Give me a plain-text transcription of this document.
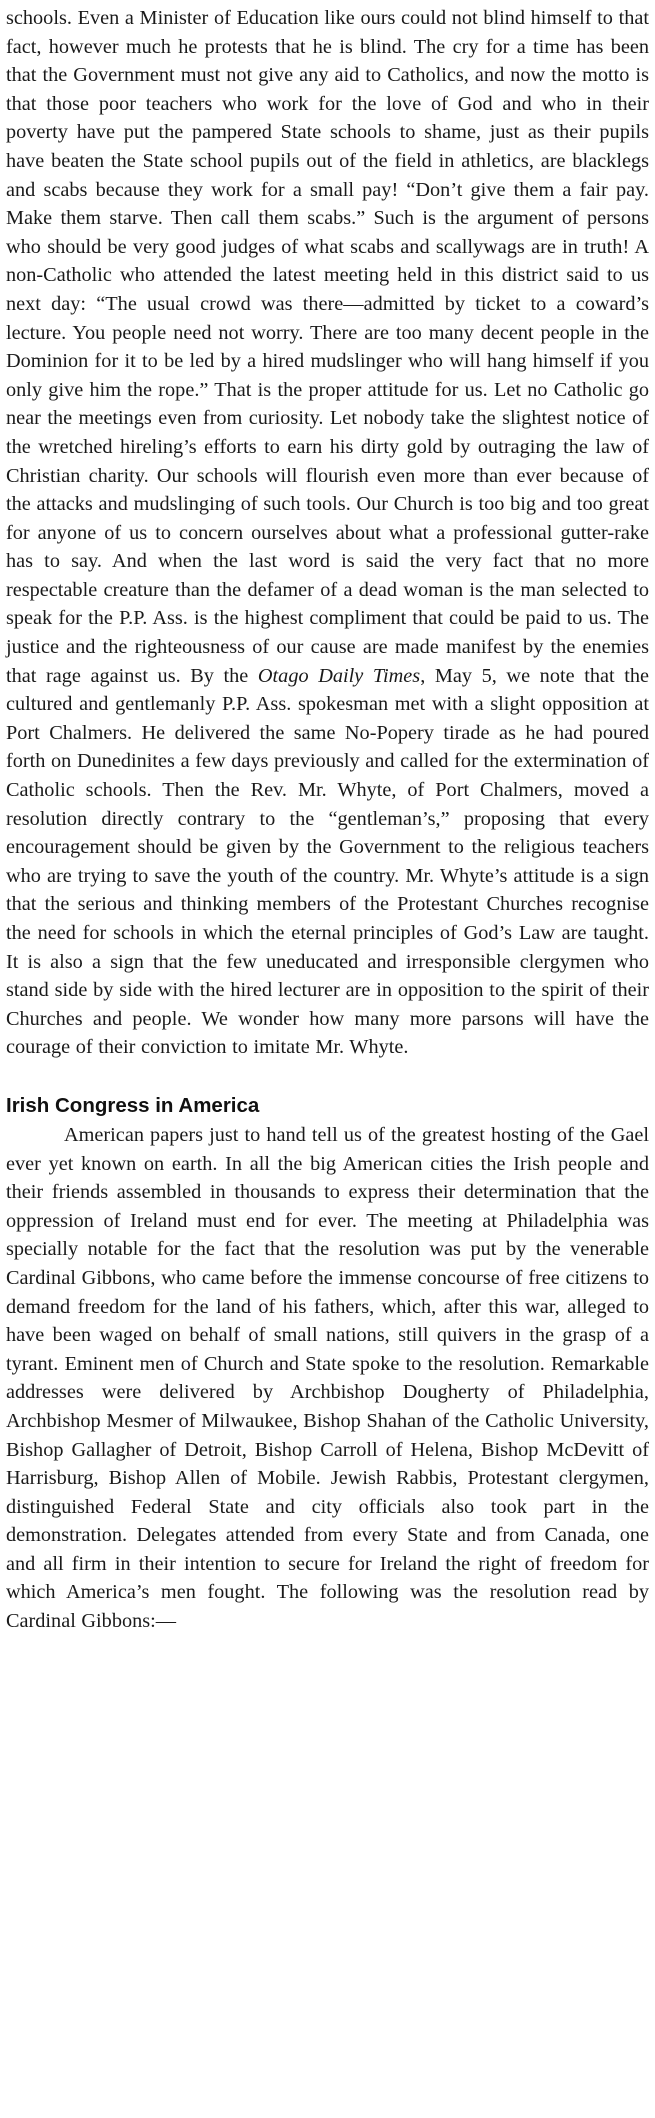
schools. Even a Minister of Education like ours could not blind himself to that fact, however much he protests that he is blind. The cry for a time has been that the Government must not give any aid to Catholics, and now the motto is that those poor teachers who work for the love of God and who in their poverty have put the pampered State schools to shame, just as their pupils have beaten the State school pupils out of the field in athletics, are blacklegs and scabs because they work for a small pay! “Don’t give them a fair pay. Make them starve. Then call them scabs.” Such is the argument of persons who should be very good judges of what scabs and scallywags are in truth! A non-Catholic who attended the latest meeting held in this district said to us next day: “The usual crowd was there—admitted by ticket to a coward’s lecture. You people need not worry. There are too many decent people in the Dominion for it to be led by a hired mudslinger who will hang himself if you only give him the rope.” That is the proper attitude for us. Let no Catholic go near the meetings even from curiosity. Let nobody take the slightest notice of the wretched hireling’s efforts to earn his dirty gold by outraging the law of Christian charity. Our schools will flourish even more than ever because of the attacks and mudslinging of such tools. Our Church is too big and too great for anyone of us to concern ourselves about what a professional gutter-rake has to say. And when the last word is said the very fact that no more respectable creature than the defamer of a dead woman is the man selected to speak for the P.P. Ass. is the highest compliment that could be paid to us. The justice and the righteousness of our cause are made manifest by the enemies that rage against us. By the Otago Daily Times, May 5, we note that the cultured and gentlemanly P.P. Ass. spokesman met with a slight opposition at Port Chalmers. He delivered the same No-Popery tirade as he had poured forth on Dunedinites a few days previously and called for the extermination of Catholic schools. Then the Rev. Mr. Whyte, of Port Chalmers, moved a resolution directly contrary to the “gentleman’s,” proposing that every encouragement should be given by the Government to the religious teachers who are trying to save the youth of the country. Mr. Whyte’s attitude is a sign that the serious and thinking members of the Protestant Churches recognise the need for schools in which the eternal principles of God’s Law are taught. It is also a sign that the few uneducated and irresponsible clergymen who stand side by side with the hired lecturer are in opposition to the spirit of their Churches and people. We wonder how many more parsons will have the courage of their conviction to imitate Mr. Whyte.

Irish Congress in America

American papers just to hand tell us of the greatest hosting of the Gael ever yet known on earth. In all the big American cities the Irish people and their friends assembled in thousands to express their determination that the oppression of Ireland must end for ever. The meeting at Philadelphia was specially notable for the fact that the resolution was put by the venerable Cardinal Gibbons, who came before the immense concourse of free citizens to demand freedom for the land of his fathers, which, after this war, alleged to have been waged on behalf of small nations, still quivers in the grasp of a tyrant. Eminent men of Church and State spoke to the resolution. Remarkable addresses were delivered by Archbishop Dougherty of Philadelphia, Archbishop Mesmer of Milwaukee, Bishop Shahan of the Catholic University, Bishop Gallagher of Detroit, Bishop Carroll of Helena, Bishop McDevitt of Harrisburg, Bishop Allen of Mobile. Jewish Rabbis, Protestant clergymen, distinguished Federal State and city officials also took part in the demonstration. Delegates attended from every State and from Canada, one and all firm in their intention to secure for Ireland the right of freedom for which America’s men fought. The following was the resolution read by Cardinal Gibbons:—
